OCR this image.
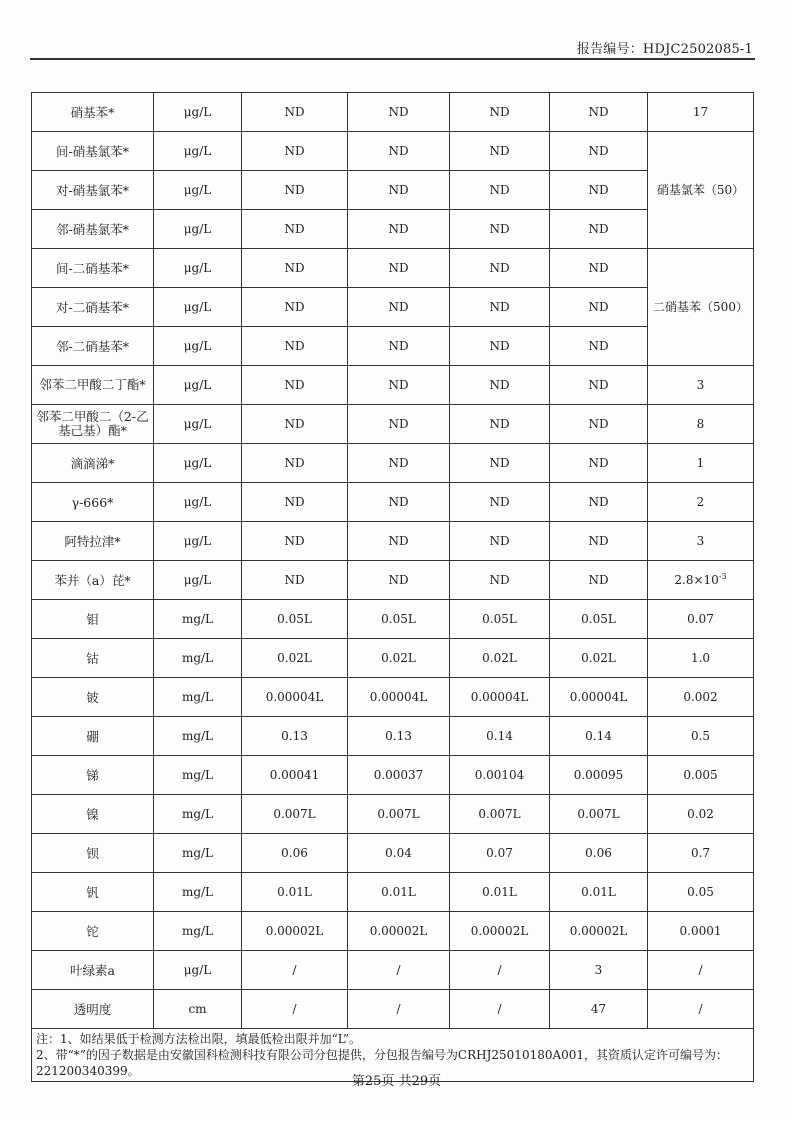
报告编号：HDJC2502085-1
硝基苯*	μg/L	ND	ND	ND	ND	17
间-硝基氯苯*	μg/L	ND	ND	ND	ND	硝基氯苯（50）
对-硝基氯苯*	μg/L	ND	ND	ND	ND	
邻-硝基氯苯*	μg/L	ND	ND	ND	ND	
间-二硝基苯*	μg/L	ND	ND	ND	ND	二硝基苯（500）
对-二硝基苯*	μg/L	ND	ND	ND	ND	
邻-二硝基苯*	μg/L	ND	ND	ND	ND	
邻苯二甲酸二丁酯*	μg/L	ND	ND	ND	ND	3
邻苯二甲酸二（2-乙基己基）酯*	μg/L	ND	ND	ND	ND	8
滴滴涕*	μg/L	ND	ND	ND	ND	1
γ-666*	μg/L	ND	ND	ND	ND	2
阿特拉津*	μg/L	ND	ND	ND	ND	3
苯并（a）芘*	μg/L	ND	ND	ND	ND	$2.8\times 10^{-3}$
钼	mg/L	0.05L	0.05L	0.05L	0.05L	0.07
钴	mg/L	0.02L	0.02L	0.02L	0.02L	1.0
铍	mg/L	0.00004L	0.00004L	0.00004L	0.00004L	0.002
硼	mg/L	0.13	0.13	0.14	0.14	0.5
锑	mg/L	0.00041	0.00037	0.00104	0.00095	0.005
镍	mg/L	0.007L	0.007L	0.007L	0.007L	0.02
钡	mg/L	0.06	0.04	0.07	0.06	0.7
钒	mg/L	0.01L	0.01L	0.01L	0.01L	0.05
铊	mg/L	0.00002L	0.00002L	0.00002L	0.00002L	0.0001
叶绿素a	μg/L	/	/	/	3	/
透明度	cm	/	/	/	47	/

注：1、如结果低于检测方法检出限，填最低检出限并加“L”。
2、带“*”的因子数据是由安徽国科检测科技有限公司分包提供，分包报告编号为CRHJ25010180A001，其资质认定许可编号为：221200340399。						
第25页 共29页
